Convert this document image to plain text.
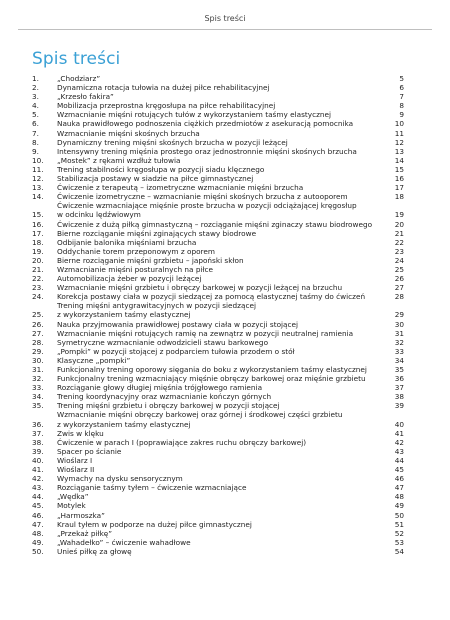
Spis treści
Spis treści
1.	„Chodziarz”	5
2.	Dynamiczna rotacja tułowia na dużej piłce rehabilitacyjnej	6
3.	„Krzesło fakira”	7
4.	Mobilizacja przeprostna kręgosłupa na piłce rehabilitacyjnej	8
5.	Wzmacnianie mięśni rotujących tułów z wykorzystaniem taśmy elastycznej	9
6.	Nauka prawidłowego podnoszenia ciężkich przedmiotów z asekuracją pomocnika	10
7.	Wzmacnianie mięśni skośnych brzucha	11
8.	Dynamiczny trening mięśni skośnych brzucha w pozycji leżącej	12
9.	Intensywny trening mięśnia prostego oraz jednostronnie mięśni skośnych brzucha	13
10.	„Mostek” z rękami wzdłuż tułowia	14
11.	Trening stabilności kręgosłupa w pozycji siadu klęcznego	15
12.	Stabilizacja postawy w siadzie na piłce gimnastycznej	16
13.	Ćwiczenie z terapeutą – izometryczne wzmacnianie mięśni brzucha	17
14.	Ćwiczenie izometryczne – wzmacnianie mięśni skośnych brzucha z autooporem	18
15.
Ćwiczenie wzmacniające mięśnie proste brzucha w pozycji odciążającej kręgosłup
w odcinku lędźwiowym	19
16.	Ćwiczenie z dużą piłką gimnastyczną – rozciąganie mięśni zginaczy stawu biodrowego	20
17.	Bierne rozciąganie mięśni zginających stawy biodrowe	21
18.	Odbijanie balonika mięśniami brzucha	22
19.	Oddychanie torem przeponowym z oporem	23
20.	Bierne rozciąganie mięśni grzbietu – japoński skłon	24
21.	Wzmacnianie mięśni posturalnych na piłce	25
22.	Automobilizacja żeber w pozycji leżącej	26
23.	Wzmacnianie mięśni grzbietu i obręczy barkowej w pozycji leżącej na brzuchu	27
24.	Korekcja postawy ciała w pozycji siedzącej za pomocą elastycznej taśmy do ćwiczeń	28
25.
Trening mięśni antygrawitacyjnych w pozycji siedzącej
z wykorzystaniem taśmy elastycznej	29
26.	Nauka przyjmowania prawidłowej postawy ciała w pozycji stojącej	30
27.	Wzmacnianie mięśni rotujących ramię na zewnątrz w pozycji neutralnej ramienia	31
28.	Symetryczne wzmacnianie odwodzicieli stawu barkowego	32
29.	„Pompki” w pozycji stojącej z podparciem tułowia przodem o stół	33
30.	Klasyczne „pompki”	34
31.	Funkcjonalny trening oporowy sięgania do boku z wykorzystaniem taśmy elastycznej	35
32.	Funkcjonalny trening wzmacniający mięśnie obręczy barkowej oraz mięśnie grzbietu	36
33.	Rozciąganie głowy długiej mięśnia trójgłowego ramienia	37
34.	Trening koordynacyjny oraz wzmacnianie kończyn górnych	38
35.	Trening mięśni grzbietu i obręczy barkowej w pozycji stojącej	39
36.
Wzmacnianie mięśni obręczy barkowej oraz górnej i środkowej części grzbietu
z wykorzystaniem taśmy elastycznej	40
37.	Zwis w klęku	41
38.	Ćwiczenie w parach I (poprawiające zakres ruchu obręczy barkowej)	42
39.	Spacer po ścianie	43
40.	Wioślarz I	44
41.	Wioślarz II	45
42.	Wymachy na dysku sensorycznym	46
43.	Rozciąganie taśmy tyłem – ćwiczenie wzmacniające	47
44.	„Wędka”	48
45.	Motylek	49
46.	„Harmoszka”	50
47.	Kraul tyłem w podporze na dużej piłce gimnastycznej	51
48.	„Przekaż piłkę”	52
49.	„Wahadełko” – ćwiczenie wahadłowe	53
50.	Unieś piłkę za głowę	54
